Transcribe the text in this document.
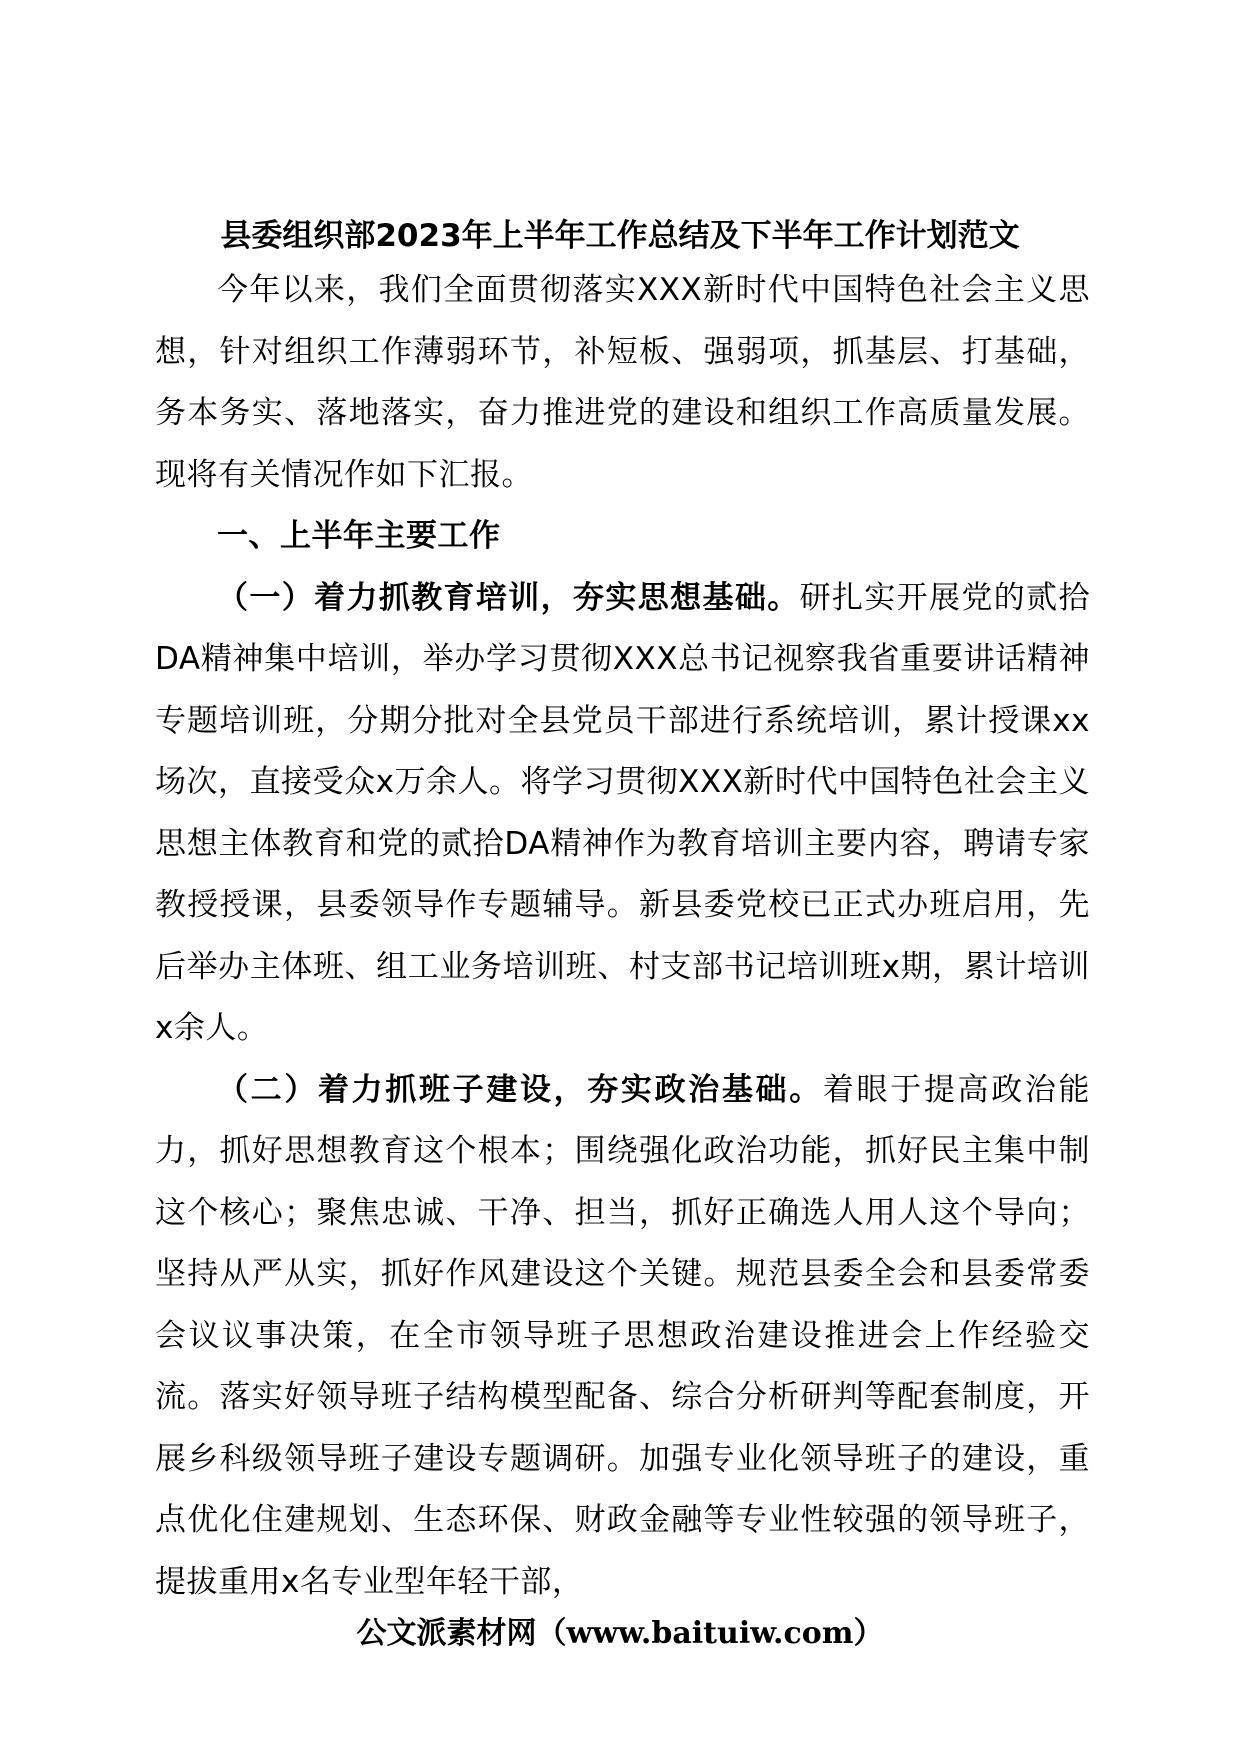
县委组织部2023年上半年工作总结及下半年工作计划范文

今年以来，我们全面贯彻落实XXX新时代中国特色社会主义思想，针对组织工作薄弱环节，补短板、强弱项，抓基层、打基础，务本务实、落地落实，奋力推进党的建设和组织工作高质量发展。现将有关情况作如下汇报。

一、上半年主要工作

（一）着力抓教育培训，夯实思想基础。研扎实开展党的贰拾DA精神集中培训，举办学习贯彻XXX总书记视察我省重要讲话精神专题培训班，分期分批对全县党员干部进行系统培训，累计授课xx场次，直接受众x万余人。将学习贯彻XXX新时代中国特色社会主义思想主体教育和党的贰拾DA精神作为教育培训主要内容，聘请专家教授授课，县委领导作专题辅导。新县委党校已正式办班启用，先后举办主体班、组工业务培训班、村支部书记培训班x期，累计培训x余人。

（二）着力抓班子建设，夯实政治基础。着眼于提高政治能力，抓好思想教育这个根本；围绕强化政治功能，抓好民主集中制这个核心；聚焦忠诚、干净、担当，抓好正确选人用人这个导向；坚持从严从实，抓好作风建设这个关键。规范县委全会和县委常委会议议事决策，在全市领导班子思想政治建设推进会上作经验交流。落实好领导班子结构模型配备、综合分析研判等配套制度，开展乡科级领导班子建设专题调研。加强专业化领导班子的建设，重点优化住建规划、生态环保、财政金融等专业性较强的领导班子，提拔重用x名专业型年轻干部，

公文派素材网（www.baituiw.com）
